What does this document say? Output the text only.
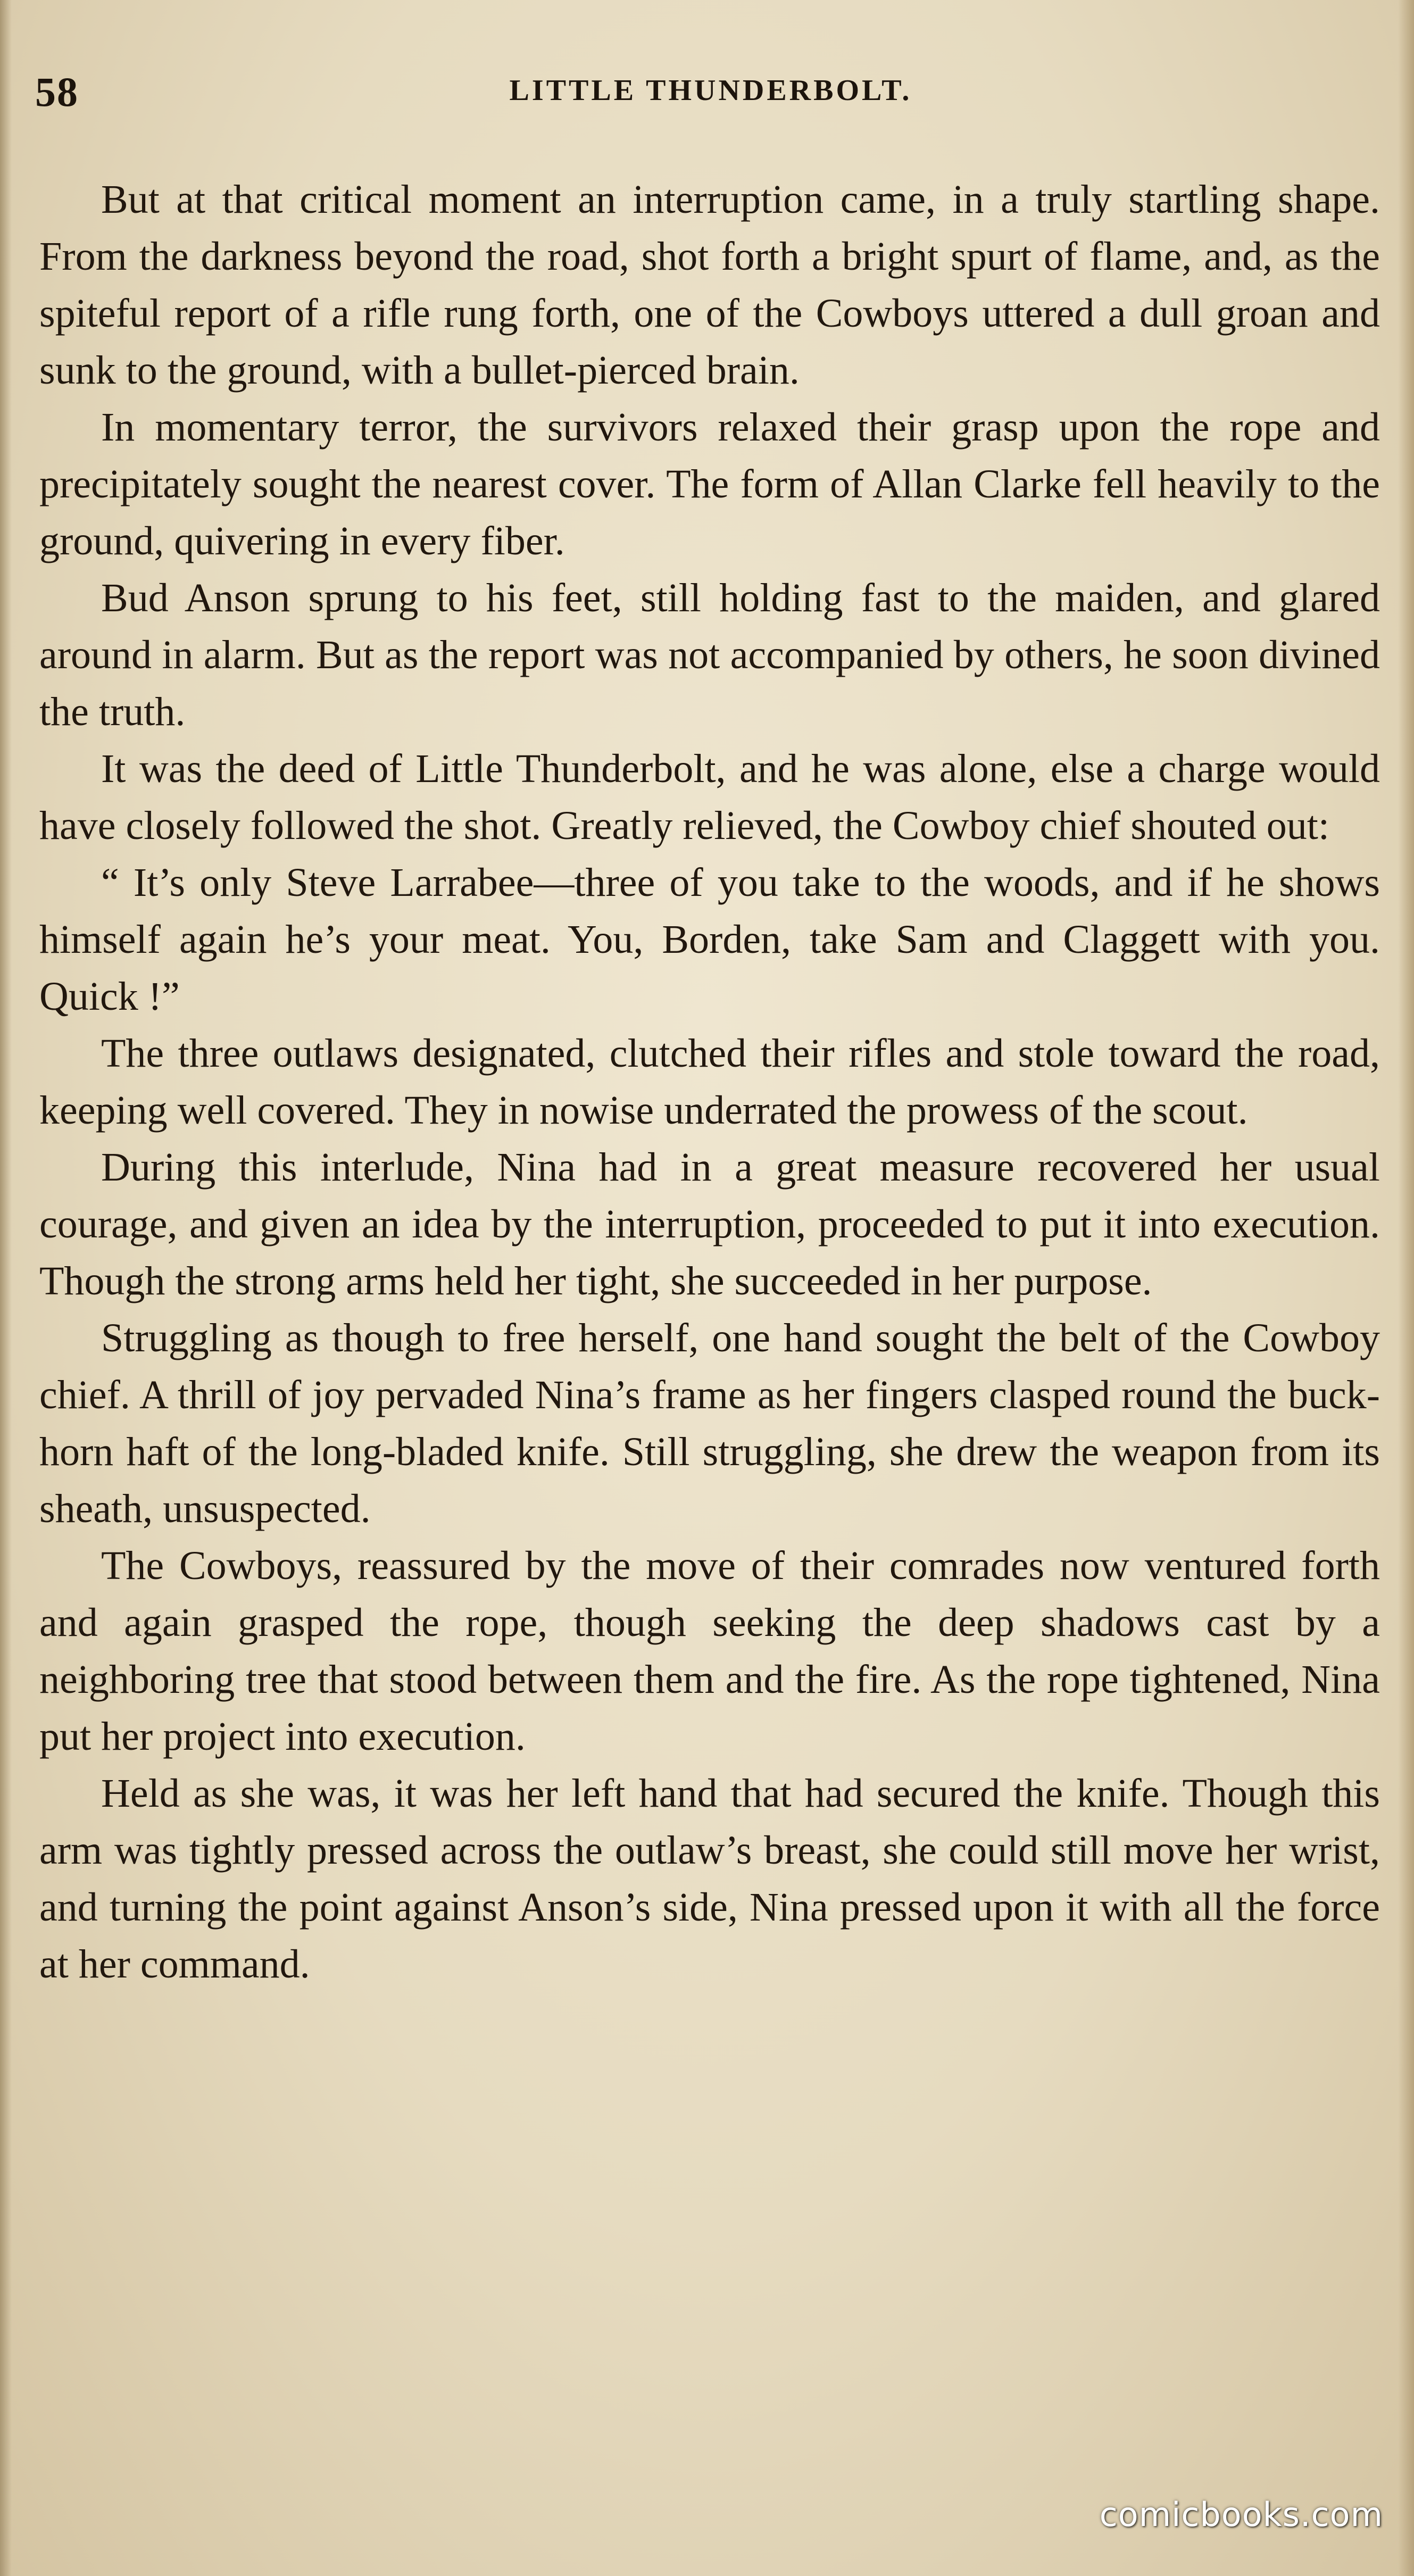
58	LITTLE THUNDERBOLT.

But at that critical moment an interruption came, in a truly startling shape. From the darkness beyond the road, shot forth a bright spurt of flame, and, as the spiteful report of a rifle rung forth, one of the Cowboys uttered a dull groan and sunk to the ground, with a bullet-pierced brain.

In momentary terror, the survivors relaxed their grasp upon the rope and precipitately sought the nearest cover. The form of Allan Clarke fell heavily to the ground, quivering in every fiber.

Bud Anson sprung to his feet, still holding fast to the maiden, and glared around in alarm. But as the report was not accompanied by others, he soon divined the truth.

It was the deed of Little Thunderbolt, and he was alone, else a charge would have closely followed the shot. Greatly relieved, the Cowboy chief shouted out:

“ It’s only Steve Larrabee—three of you take to the woods, and if he shows himself again he’s your meat. You, Borden, take Sam and Claggett with you. Quick !”

The three outlaws designated, clutched their rifles and stole toward the road, keeping well covered. They in nowise underrated the prowess of the scout.

During this interlude, Nina had in a great measure recovered her usual courage, and given an idea by the interruption, proceeded to put it into execution. Though the strong arms held her tight, she succeeded in her purpose.

Struggling as though to free herself, one hand sought the belt of the Cowboy chief. A thrill of joy pervaded Nina’s frame as her fingers clasped round the buck-horn haft of the long-bladed knife. Still struggling, she drew the weapon from its sheath, unsuspected.

The Cowboys, reassured by the move of their comrades now ventured forth and again grasped the rope, though seeking the deep shadows cast by a neighboring tree that stood between them and the fire. As the rope tightened, Nina put her project into execution.

Held as she was, it was her left hand that had secured the knife. Though this arm was tightly pressed across the outlaw’s breast, she could still move her wrist, and turning the point against Anson’s side, Nina pressed upon it with all the force at her command.

comicbooks.com
